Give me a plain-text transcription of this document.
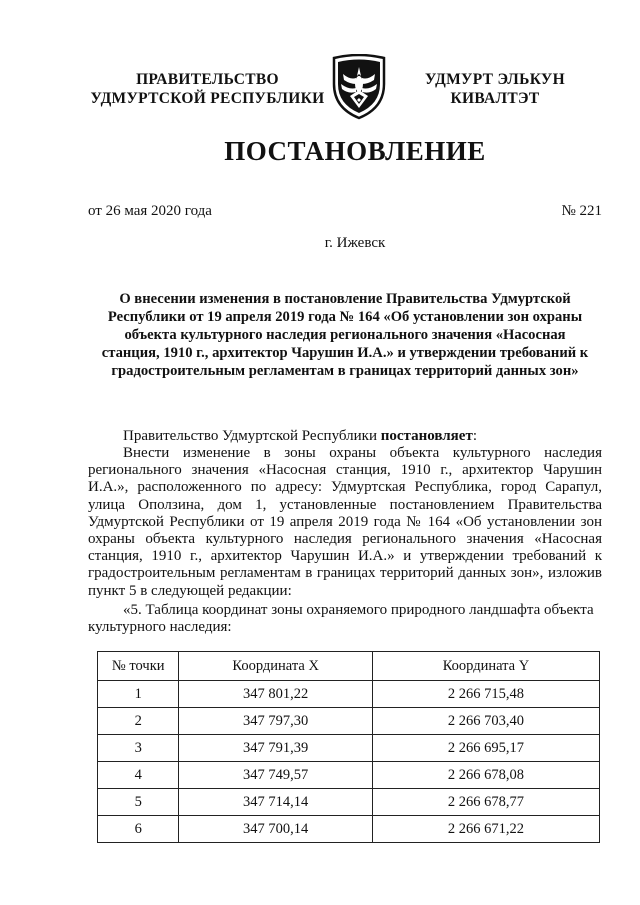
ПРАВИТЕЛЬСТВО
УДМУРТСКОЙ РЕСПУБЛИКИ
УДМУРТ ЭЛЬКУН
КИВАЛТЭТ
ПОСТАНОВЛЕНИЕ
от 26 мая 2020 года	№ 221
г. Ижевск
О внесении изменения в постановление Правительства Удмуртской Республики от 19 апреля 2019 года № 164 «Об установлении зон охраны объекта культурного наследия регионального значения «Насосная станция, 1910 г., архитектор Чарушин И.А.» и утверждении требований к градостроительным регламентам в границах территорий данных зон»
Правительство Удмуртской Республики постановляет:
Внести изменение в зоны охраны объекта культурного наследия регионального значения «Насосная станция, 1910 г., архитектор Чарушин И.А.», расположенного по адресу: Удмуртская Республика, город Сарапул, улица Оползина, дом 1, установленные постановлением Правительства Удмуртской Республики от 19 апреля 2019 года № 164 «Об установлении зон охраны объекта культурного наследия регионального значения «Насосная станция, 1910 г., архитектор Чарушин И.А.» и утверждении требований к градостроительным регламентам в границах территорий данных зон», изложив пункт 5 в следующей редакции:
«5. Таблица координат зоны охраняемого природного ландшафта объекта культурного наследия:
№ точки	Координата X	Координата Y
1	347 801,22	2 266 715,48
2	347 797,30	2 266 703,40
3	347 791,39	2 266 695,17
4	347 749,57	2 266 678,08
5	347 714,14	2 266 678,77
6	347 700,14	2 266 671,22
